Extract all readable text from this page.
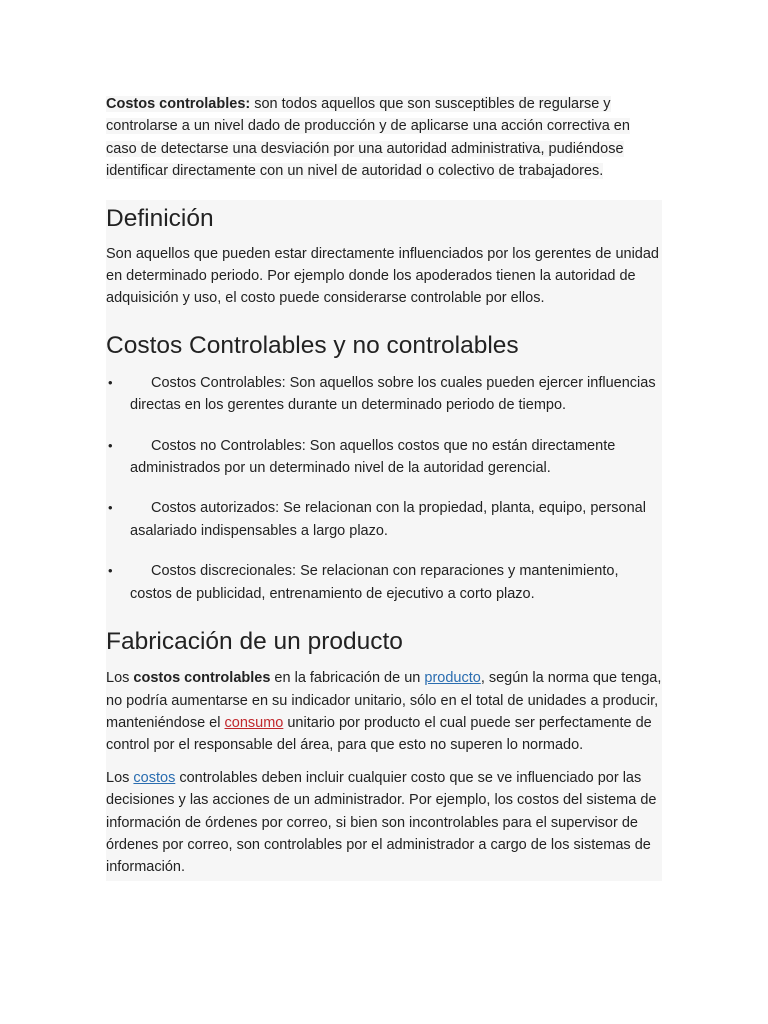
Costos controlables: son todos aquellos que son susceptibles de regularse y
controlarse a un nivel dado de producción y de aplicarse una acción correctiva en
caso de detectarse una desviación por una autoridad administrativa, pudiéndose
identificar directamente con un nivel de autoridad o colectivo de trabajadores.

Definición

Son aquellos que pueden estar directamente influenciados por los gerentes de unidad en determinado periodo. Por ejemplo donde los apoderados tienen la autoridad de adquisición y uso, el costo puede considerarse controlable por ellos.

Costos Controlables y no controlables
•	Costos Controlables: Son aquellos sobre los cuales pueden ejercer influencias directas en los gerentes durante un determinado periodo de tiempo.
•	Costos no Controlables: Son aquellos costos que no están directamente administrados por un determinado nivel de la autoridad gerencial.
•	Costos autorizados: Se relacionan con la propiedad, planta, equipo, personal asalariado indispensables a largo plazo.
•	Costos discrecionales: Se relacionan con reparaciones y mantenimiento, costos de publicidad, entrenamiento de ejecutivo a corto plazo.
Fabricación de un producto

Los costos controlables en la fabricación de un producto, según la norma que tenga, no podría aumentarse en su indicador unitario, sólo en el total de unidades a producir, manteniéndose el consumo unitario por producto el cual puede ser perfectamente de control por el responsable del área, para que esto no superen lo normado.

Los costos controlables deben incluir cualquier costo que se ve influenciado por las decisiones y las acciones de un administrador. Por ejemplo, los costos del sistema de información de órdenes por correo, si bien son incontrolables para el supervisor de órdenes por correo, son controlables por el administrador a cargo de los sistemas de información.
